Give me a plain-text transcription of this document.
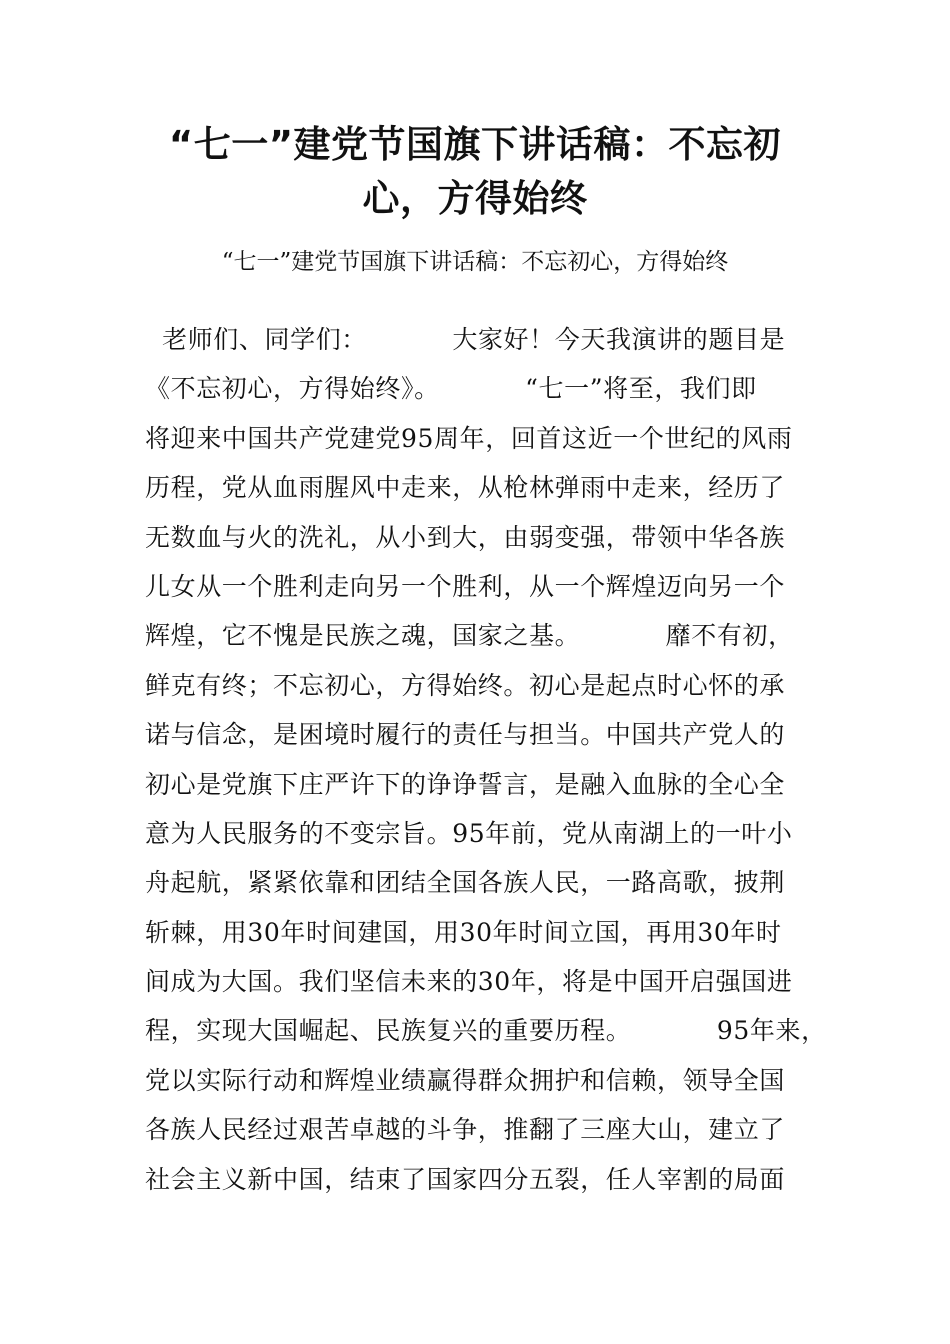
“七一”建党节国旗下讲话稿：不忘初
心，方得始终

“七一”建党节国旗下讲话稿：不忘初心，方得始终

老师们、同学们：          大家好！今天我演讲的题目是
《不忘初心，方得始终》。          “七一”将至，我们即
将迎来中国共产党建党95周年，回首这近一个世纪的风雨
历程，党从血雨腥风中走来，从枪林弹雨中走来，经历了
无数血与火的洗礼，从小到大，由弱变强，带领中华各族
儿女从一个胜利走向另一个胜利，从一个辉煌迈向另一个
辉煌，它不愧是民族之魂，国家之基。          靡不有初，
鲜克有终；不忘初心，方得始终。初心是起点时心怀的承
诺与信念，是困境时履行的责任与担当。中国共产党人的
初心是党旗下庄严许下的诤诤誓言，是融入血脉的全心全
意为人民服务的不变宗旨。95年前，党从南湖上的一叶小
舟起航，紧紧依靠和团结全国各族人民，一路高歌，披荆
斩棘，用30年时间建国，用30年时间立国，再用30年时
间成为大国。我们坚信未来的30年，将是中国开启强国进
程，实现大国崛起、民族复兴的重要历程。          95年来，
党以实际行动和辉煌业绩赢得群众拥护和信赖，领导全国
各族人民经过艰苦卓越的斗争，推翻了三座大山，建立了
社会主义新中国，结束了国家四分五裂，任人宰割的局面
